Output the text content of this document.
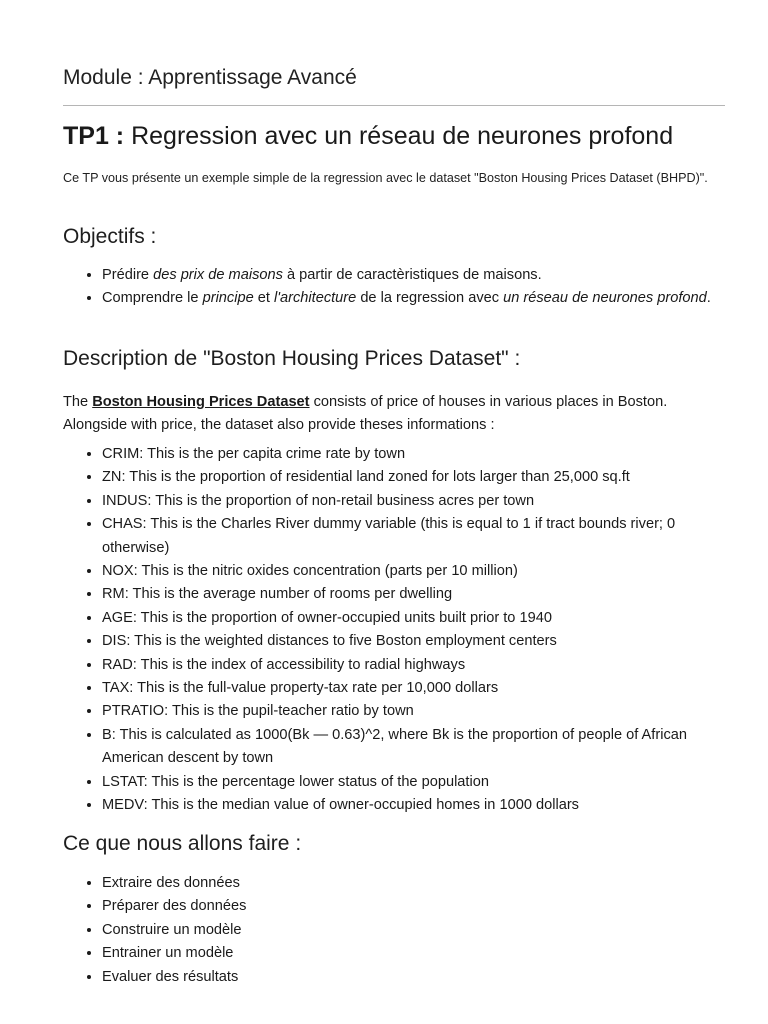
Module : Apprentissage Avancé
TP1 : Regression avec un réseau de neurones profond

Ce TP vous présente un exemple simple de la regression avec le dataset "Boston Housing Prices Dataset (BHPD)".

Objectifs :
• Prédire des prix de maisons à partir de caractèristiques de maisons.
• Comprendre le principe et l'architecture de la regression avec un réseau de neurones profond.
Description de "Boston Housing Prices Dataset" :

The Boston Housing Prices Dataset consists of price of houses in various places in Boston. Alongside with price, the dataset also provide theses informations :

• CRIM: This is the per capita crime rate by town
• ZN: This is the proportion of residential land zoned for lots larger than 25,000 sq.ft
• INDUS: This is the proportion of non-retail business acres per town
• CHAS: This is the Charles River dummy variable (this is equal to 1 if tract bounds river; 0 otherwise)
• NOX: This is the nitric oxides concentration (parts per 10 million)
• RM: This is the average number of rooms per dwelling
• AGE: This is the proportion of owner-occupied units built prior to 1940
• DIS: This is the weighted distances to five Boston employment centers
• RAD: This is the index of accessibility to radial highways
• TAX: This is the full-value property-tax rate per 10,000 dollars
• PTRATIO: This is the pupil-teacher ratio by town
• B: This is calculated as 1000(Bk — 0.63)^2, where Bk is the proportion of people of African American descent by town
• LSTAT: This is the percentage lower status of the population
• MEDV: This is the median value of owner-occupied homes in 1000 dollars
Ce que nous allons faire :
• Extraire des données
• Préparer des données
• Construire un modèle
• Entrainer un modèle
• Evaluer des résultats
